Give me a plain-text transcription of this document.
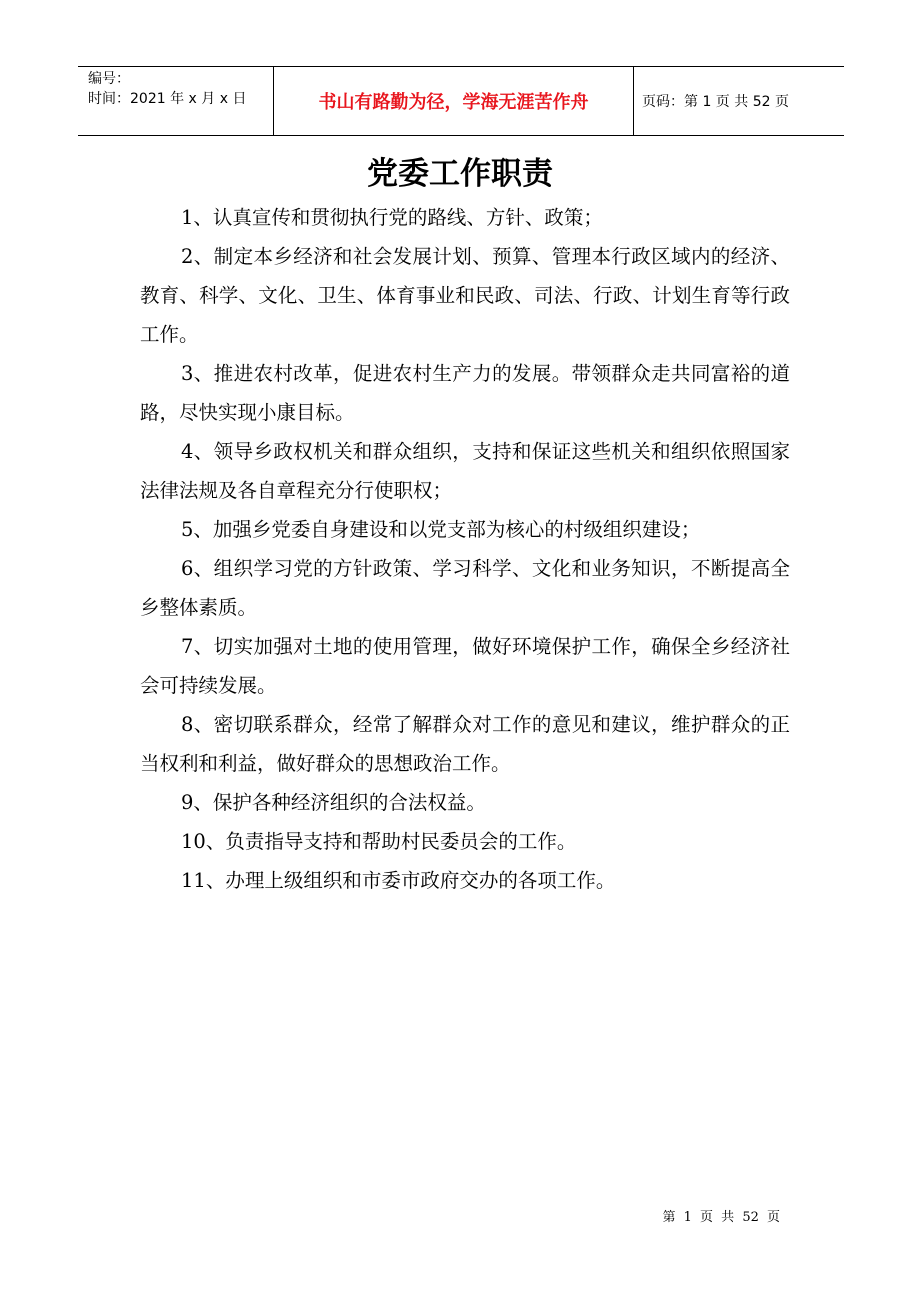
编号：
时间：2021 年 x 月 x 日	书山有路勤为径，学海无涯苦作舟	页码：第 1 页 共 52 页
党委工作职责

1、认真宣传和贯彻执行党的路线、方针、政策；

2、制定本乡经济和社会发展计划、预算、管理本行政区域内的经济、教育、科学、文化、卫生、体育事业和民政、司法、行政、计划生育等行政工作。

3、推进农村改革，促进农村生产力的发展。带领群众走共同富裕的道路，尽快实现小康目标。

4、领导乡政权机关和群众组织，支持和保证这些机关和组织依照国家法律法规及各自章程充分行使职权；

5、加强乡党委自身建设和以党支部为核心的村级组织建设；

6、组织学习党的方针政策、学习科学、文化和业务知识，不断提高全乡整体素质。

7、切实加强对土地的使用管理，做好环境保护工作，确保全乡经济社会可持续发展。

8、密切联系群众，经常了解群众对工作的意见和建议，维护群众的正当权利和利益，做好群众的思想政治工作。

9、保护各种经济组织的合法权益。

10、负责指导支持和帮助村民委员会的工作。

11、办理上级组织和市委市政府交办的各项工作。

第 1 页 共 52 页
